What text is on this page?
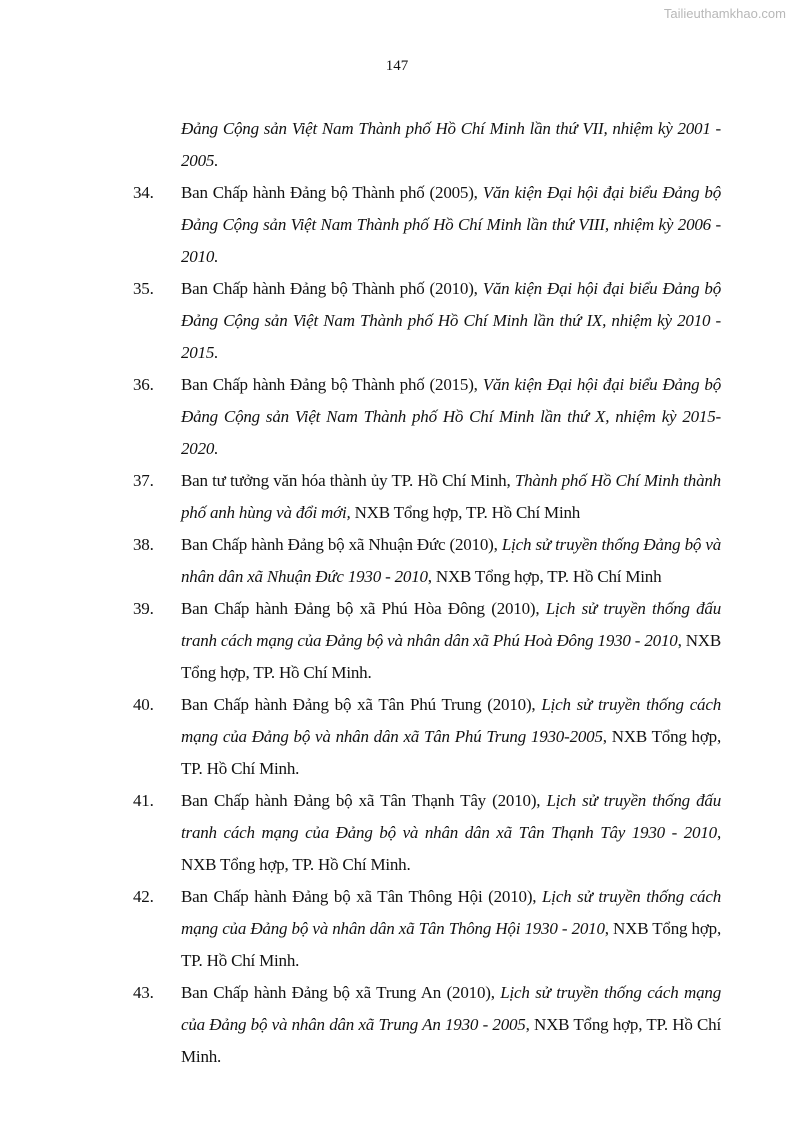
Tailieuthamkhao.com
147
Đảng Cộng sản Việt Nam Thành phố Hồ Chí Minh lần thứ VII, nhiệm kỳ 2001 - 2005.
34. Ban Chấp hành Đảng bộ Thành phố (2005), Văn kiện Đại hội đại biểu Đảng bộ Đảng Cộng sản Việt Nam Thành phố Hồ Chí Minh lần thứ VIII, nhiệm kỳ 2006 - 2010.
35. Ban Chấp hành Đảng bộ Thành phố (2010), Văn kiện Đại hội đại biểu Đảng bộ Đảng Cộng sản Việt Nam Thành phố Hồ Chí Minh lần thứ IX, nhiệm kỳ 2010 - 2015.
36. Ban Chấp hành Đảng bộ Thành phố (2015), Văn kiện Đại hội đại biểu Đảng bộ Đảng Cộng sản Việt Nam Thành phố Hồ Chí Minh lần thứ X, nhiệm kỳ 2015- 2020.
37. Ban tư tưởng văn hóa thành ủy TP. Hồ Chí Minh, Thành phố Hồ Chí Minh thành phố anh hùng và đổi mới, NXB Tổng hợp, TP. Hồ Chí Minh
38. Ban Chấp hành Đảng bộ xã Nhuận Đức (2010), Lịch sử truyền thống Đảng bộ và nhân dân xã Nhuận Đức 1930 - 2010, NXB Tổng hợp, TP. Hồ Chí Minh
39. Ban Chấp hành Đảng bộ xã Phú Hòa Đông (2010), Lịch sử truyền thống đấu tranh cách mạng của Đảng bộ và nhân dân xã Phú Hoà Đông 1930 - 2010, NXB Tổng hợp, TP. Hồ Chí Minh.
40. Ban Chấp hành Đảng bộ xã Tân Phú Trung (2010), Lịch sử truyền thống cách mạng của Đảng bộ và nhân dân xã Tân Phú Trung 1930-2005, NXB Tổng hợp, TP. Hồ Chí Minh.
41. Ban Chấp hành Đảng bộ xã Tân Thạnh Tây (2010), Lịch sử truyền thống đấu tranh cách mạng của Đảng bộ và nhân dân xã Tân Thạnh Tây 1930 - 2010, NXB Tổng hợp, TP. Hồ Chí Minh.
42. Ban Chấp hành Đảng bộ xã Tân Thông Hội (2010), Lịch sử truyền thống cách mạng của Đảng bộ và nhân dân xã Tân Thông Hội 1930 - 2010, NXB Tổng hợp, TP. Hồ Chí Minh.
43. Ban Chấp hành Đảng bộ xã Trung An (2010), Lịch sử truyền thống cách mạng của Đảng bộ và nhân dân xã Trung An 1930 - 2005, NXB Tổng hợp, TP. Hồ Chí Minh.
